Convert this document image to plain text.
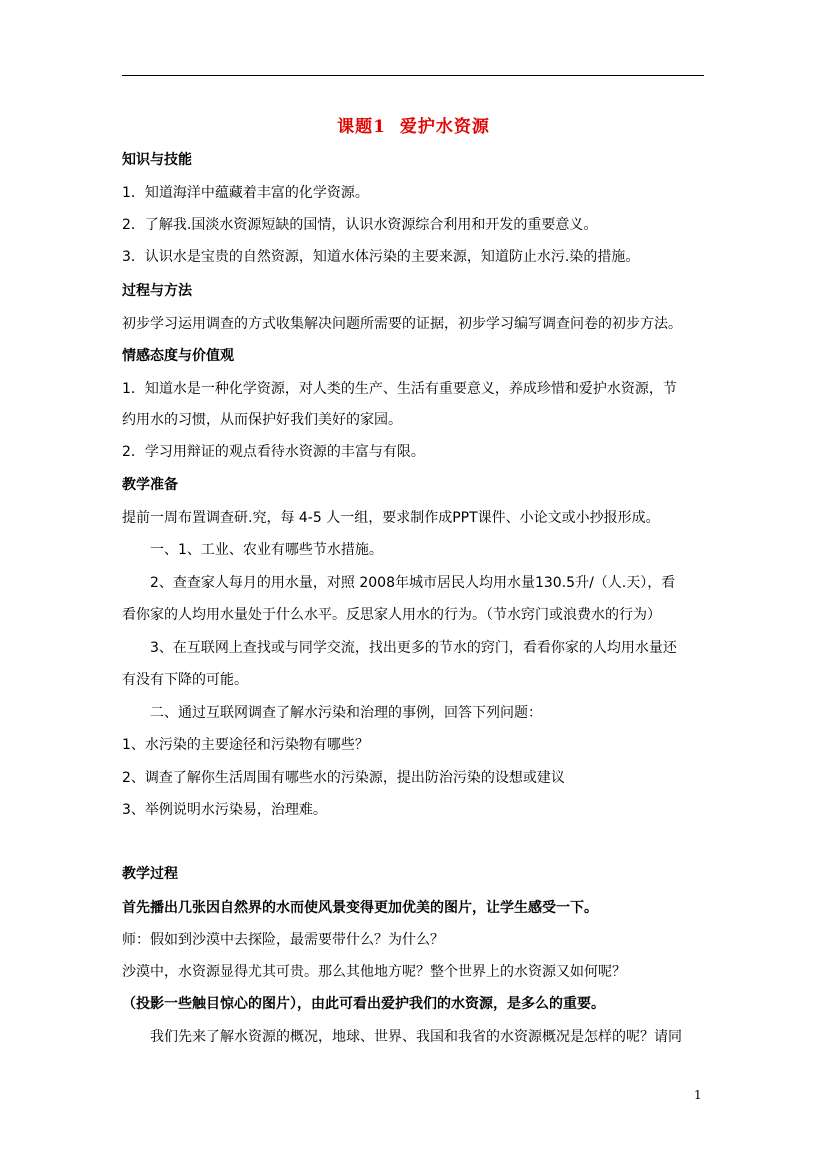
课题1 爱护水资源
知识与技能
1．知道海洋中蕴藏着丰富的化学资源。
2．了解我.国淡水资源短缺的国情，认识水资源综合利用和开发的重要意义。
3．认识水是宝贵的自然资源，知道水体污染的主要来源，知道防止水污.染的措施。
过程与方法
初步学习运用调查的方式收集解决问题所需要的证据，初步学习编写调查问卷的初步方法。
情感态度与价值观
1．知道水是一种化学资源，对人类的生产、生活有重要意义，养成珍惜和爱护水资源，节
约用水的习惯，从而保护好我们美好的家园。
2．学习用辩证的观点看待水资源的丰富与有限。
教学准备
提前一周布置调查研.究，每 4-5 人一组，要求制作成PPT课件、小论文或小抄报形成。
一、1、工业、农业有哪些节水措施。
2、查查家人每月的用水量，对照 2008年城市居民人均用水量130.5升/（人.天），看
看你家的人均用水量处于什么水平。反思家人用水的行为。（节水窍门或浪费水的行为）
3、在互联网上查找或与同学交流，找出更多的节水的窍门，看看你家的人均用水量还
有没有下降的可能。
二、通过互联网调查了解水污染和治理的事例，回答下列问题：
1、水污染的主要途径和污染物有哪些？
2、调查了解你生活周围有哪些水的污染源，提出防治污染的设想或建议
3、举例说明水污染易，治理难。
教学过程
首先播出几张因自然界的水而使风景变得更加优美的图片，让学生感受一下。
师：假如到沙漠中去探险，最需要带什么？为什么？
沙漠中，水资源显得尤其可贵。那么其他地方呢？整个世界上的水资源又如何呢？
（投影一些触目惊心的图片），由此可看出爱护我们的水资源，是多么的重要。
我们先来了解水资源的概况，地球、世界、我国和我省的水资源概况是怎样的呢？请同
1
